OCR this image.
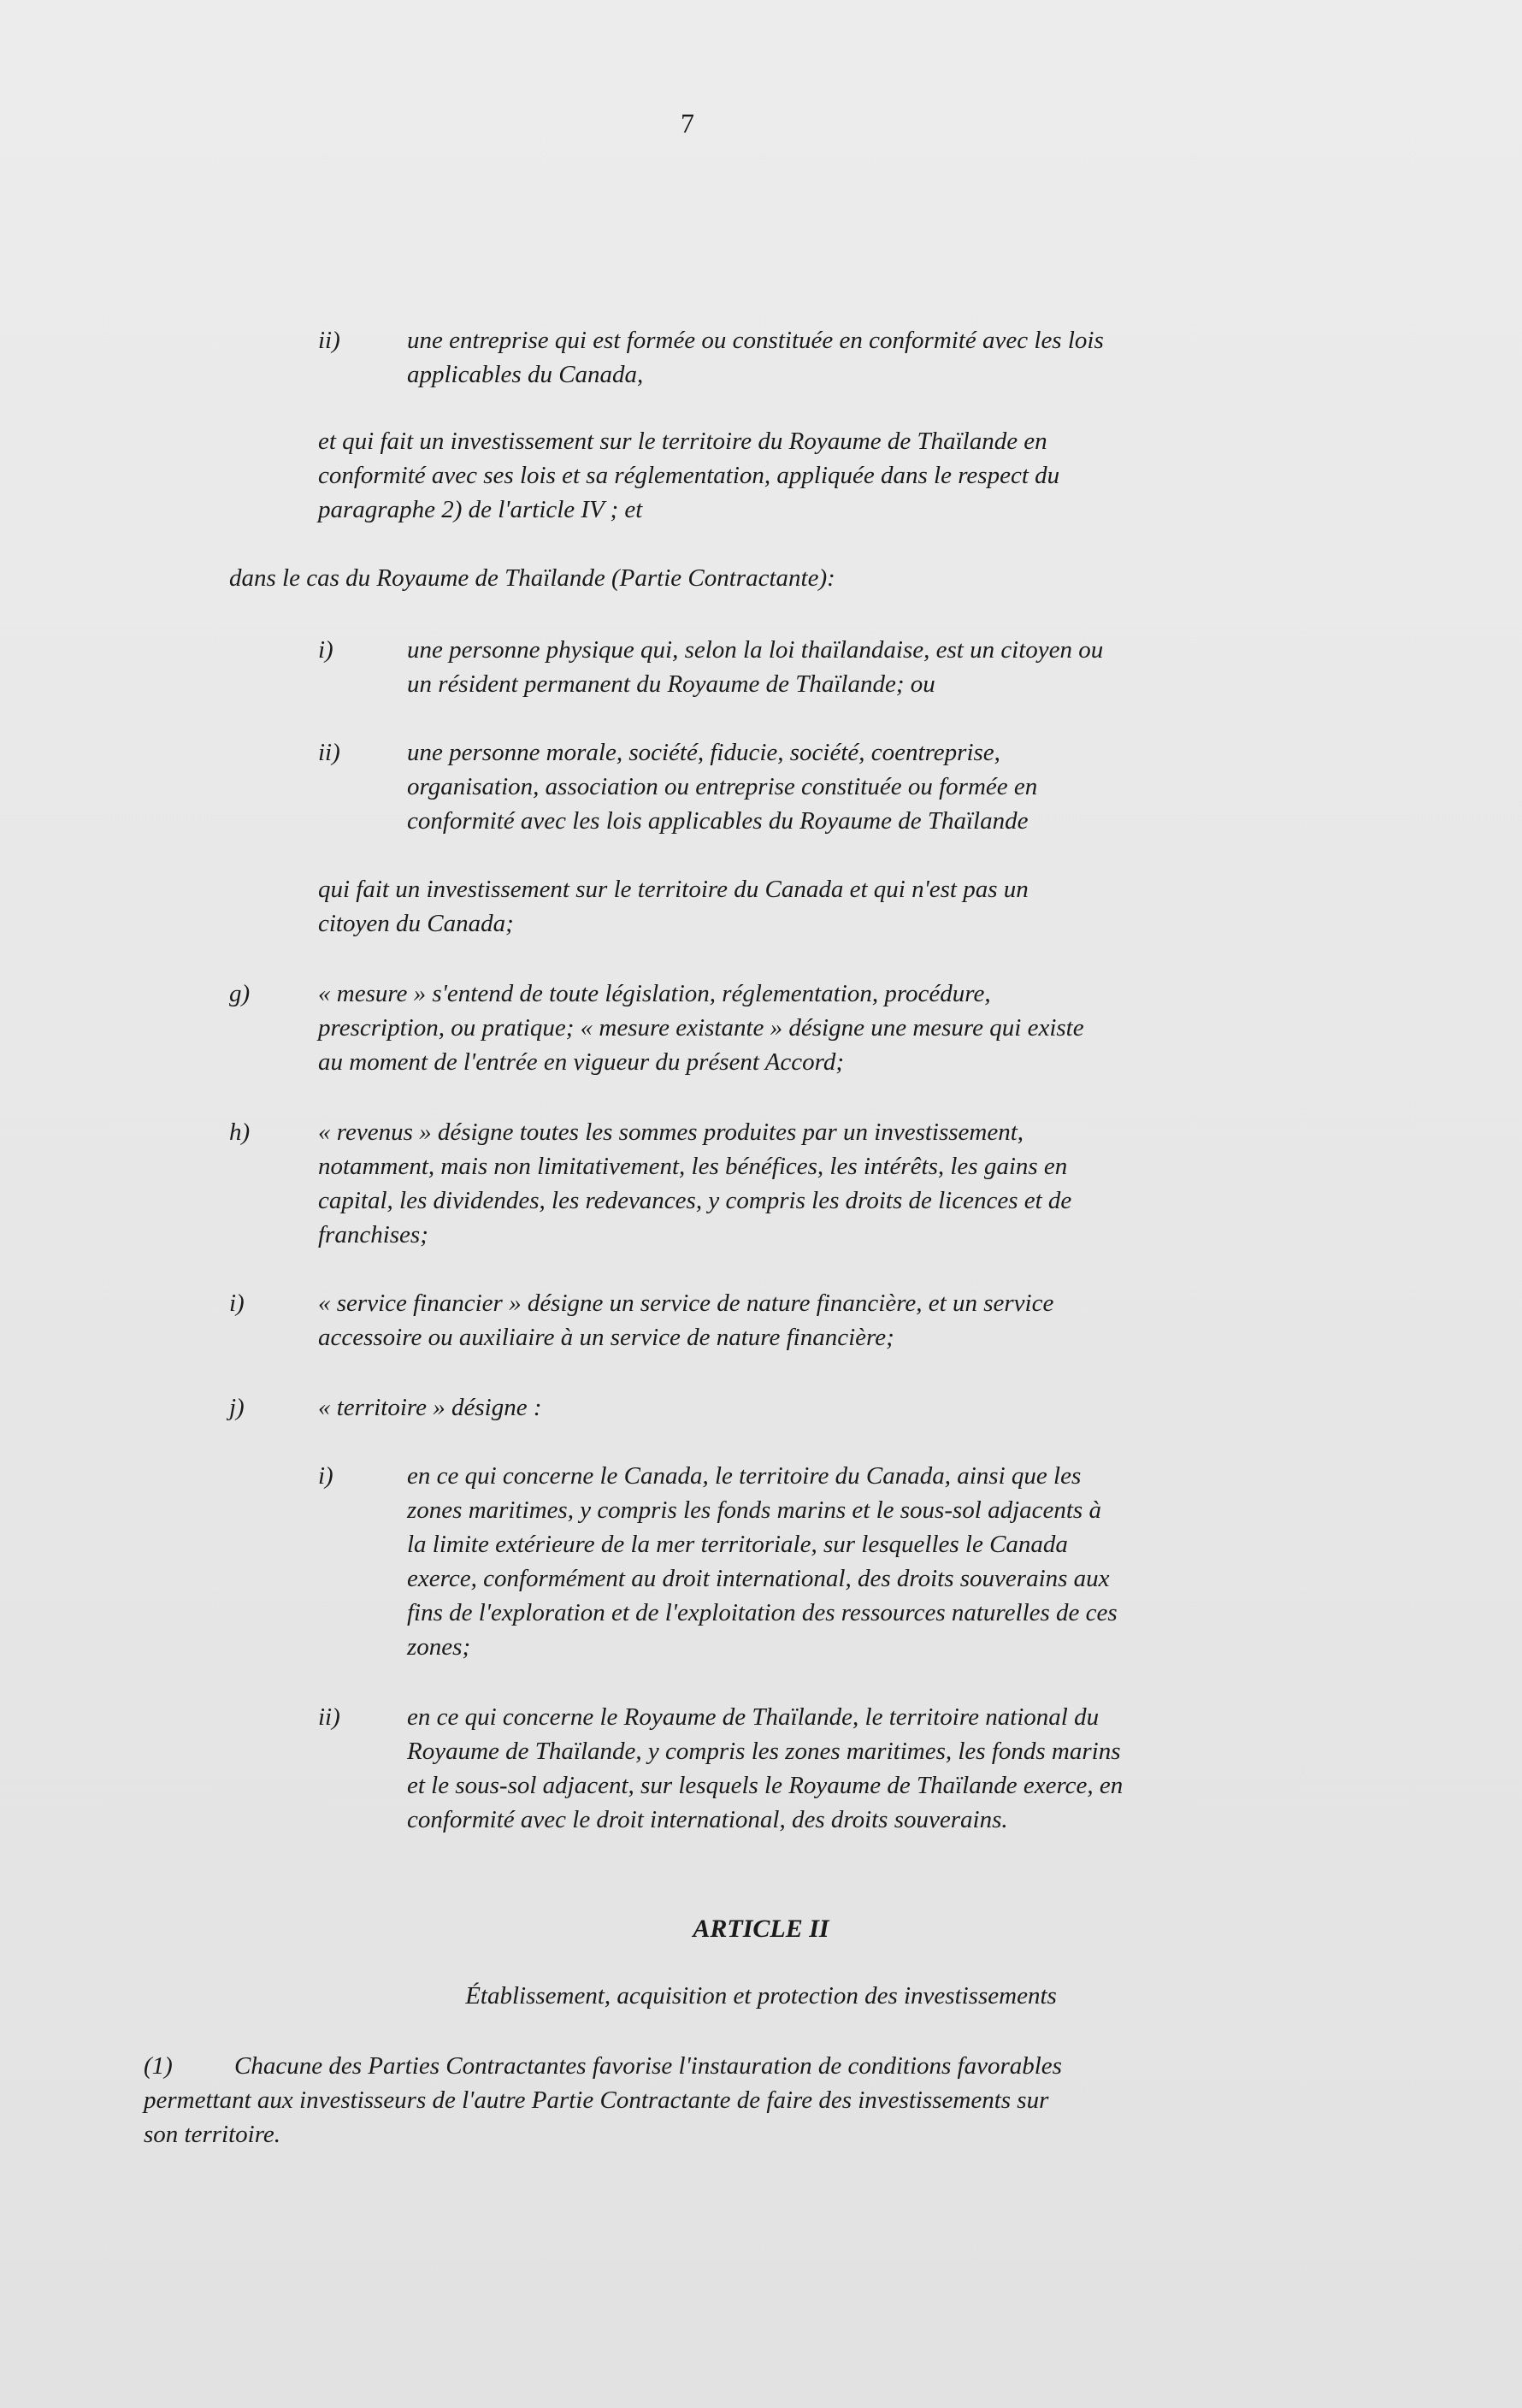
7
ii)	une entreprise qui est formée ou constituée en conformité avec les lois
applicables du Canada,
et qui fait un investissement sur le territoire du Royaume de Thaïlande en
conformité avec ses lois et sa réglementation, appliquée dans le respect du
paragraphe 2) de l'article IV ; et
dans le cas du Royaume de Thaïlande (Partie Contractante):
i)	une personne physique qui, selon la loi thaïlandaise, est un citoyen ou
un résident permanent du Royaume de Thaïlande; ou
ii)	une personne morale, société, fiducie, société, coentreprise,
organisation, association ou entreprise constituée ou formée en
conformité avec les lois applicables du Royaume de Thaïlande
qui fait un investissement sur le territoire du Canada et qui n'est pas un
citoyen du Canada;
g)	« mesure » s'entend de toute législation, réglementation, procédure,
prescription, ou pratique; « mesure existante » désigne une mesure qui existe
au moment de l'entrée en vigueur du présent Accord;
h)	« revenus » désigne toutes les sommes produites par un investissement,
notamment, mais non limitativement, les bénéfices, les intérêts, les gains en
capital, les dividendes, les redevances, y compris les droits de licences et de
franchises;
i)	« service financier » désigne un service de nature financière, et un service
accessoire ou auxiliaire à un service de nature financière;
j)	« territoire » désigne :
i)	en ce qui concerne le Canada, le territoire du Canada, ainsi que les
zones maritimes, y compris les fonds marins et le sous-sol adjacents à
la limite extérieure de la mer territoriale, sur lesquelles le Canada
exerce, conformément au droit international, des droits souverains aux
fins de l'exploration et de l'exploitation des ressources naturelles de ces
zones;
ii)	en ce qui concerne le Royaume de Thaïlande, le territoire national du
Royaume de Thaïlande, y compris les zones maritimes, les fonds marins
et le sous-sol adjacent, sur lesquels le Royaume de Thaïlande exerce, en
conformité avec le droit international, des droits souverains.
ARTICLE II
Établissement, acquisition et protection des investissements
(1)	Chacune des Parties Contractantes favorise l'instauration de conditions favorables
permettant aux investisseurs de l'autre Partie Contractante de faire des investissements sur
son territoire.
